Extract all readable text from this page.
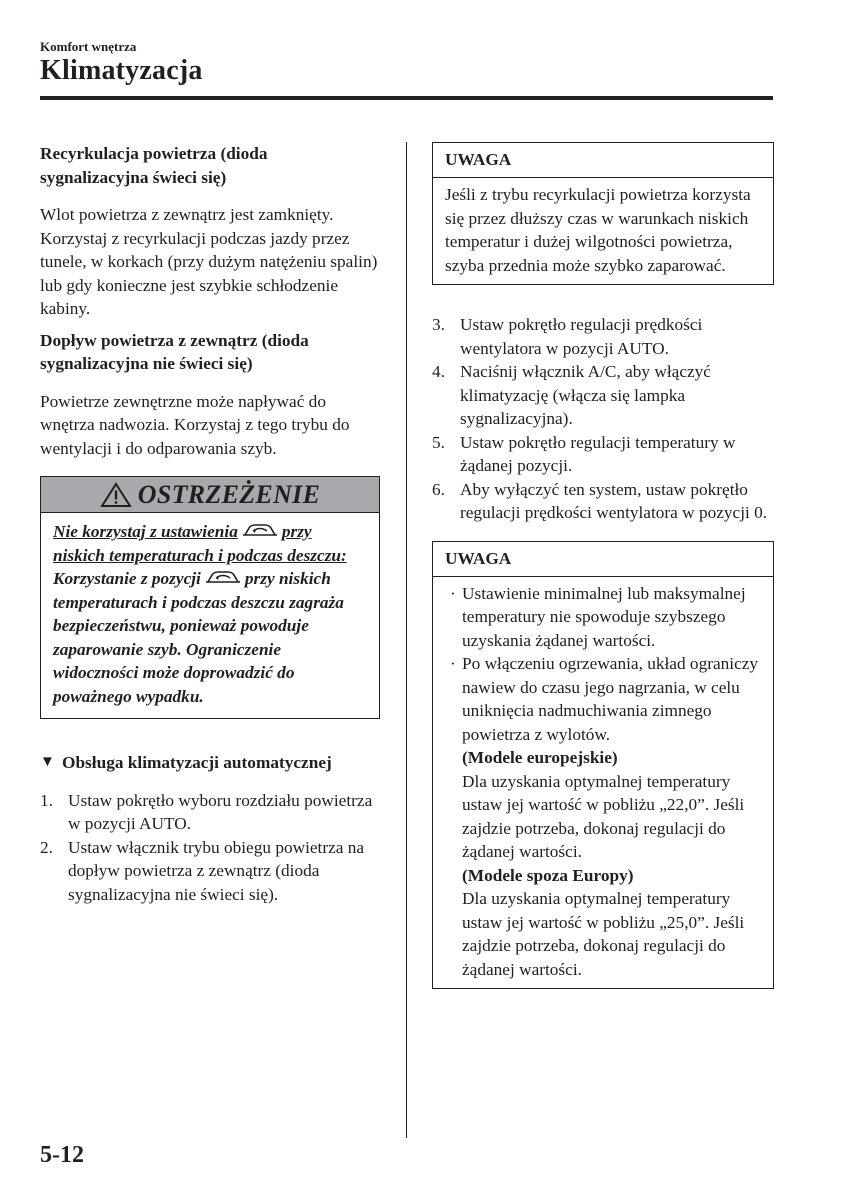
Komfort wnętrza
Klimatyzacja
Recyrkulacja powietrza (dioda sygnalizacyjna świeci się)

Wlot powietrza z zewnątrz jest zamknięty. Korzystaj z recyrkulacji podczas jazdy przez tunele, w korkach (przy dużym natężeniu spalin) lub gdy konieczne jest szybkie schłodzenie kabiny.

Dopływ powietrza z zewnątrz (dioda sygnalizacyjna nie świeci się)

Powietrze zewnętrzne może napływać do wnętrza nadwozia. Korzystaj z tego trybu do wentylacji i do odparowania szyb.

OSTRZEŻENIE

Nie korzystaj z ustawienia	przy niskich temperaturach i podczas deszczu:

Korzystanie z pozycji	przy niskich temperaturach i podczas deszczu zagraża bezpieczeństwu, ponieważ powoduje zaparowanie szyb. Ograniczenie widoczności może doprowadzić do poważnego wypadku.

▼ Obsługa klimatyzacji automatycznej
1. Ustaw pokrętło wyboru rozdziału powietrza w pozycji AUTO.
2. Ustaw włącznik trybu obiegu powietrza na dopływ powietrza z zewnątrz (dioda sygnalizacyjna nie świeci się).
UWAGA

Jeśli z trybu recyrkulacji powietrza korzysta się przez dłuższy czas w warunkach niskich temperatur i dużej wilgotności powietrza, szyba przednia może szybko zaparować.

3. Ustaw pokrętło regulacji prędkości wentylatora w pozycji AUTO.
4. Naciśnij włącznik A/C, aby włączyć klimatyzację (włącza się lampka sygnalizacyjna).
5. Ustaw pokrętło regulacji temperatury w żądanej pozycji.
6. Aby wyłączyć ten system, ustaw pokrętło regulacji prędkości wentylatora w pozycji 0.
UWAGA
· Ustawienie minimalnej lub maksymalnej temperatury nie spowoduje szybszego uzyskania żądanej wartości.
· Po włączeniu ogrzewania, układ ograniczy nawiew do czasu jego nagrzania, w celu uniknięcia nadmuchiwania zimnego powietrza z wylotów.
(Modele europejskie)
Dla uzyskania optymalnej temperatury ustaw jej wartość w pobliżu „22,0”. Jeśli zajdzie potrzeba, dokonaj regulacji do żądanej wartości.
(Modele spoza Europy)
Dla uzyskania optymalnej temperatury ustaw jej wartość w pobliżu „25,0”. Jeśli zajdzie potrzeba, dokonaj regulacji do żądanej wartości.
5-12
